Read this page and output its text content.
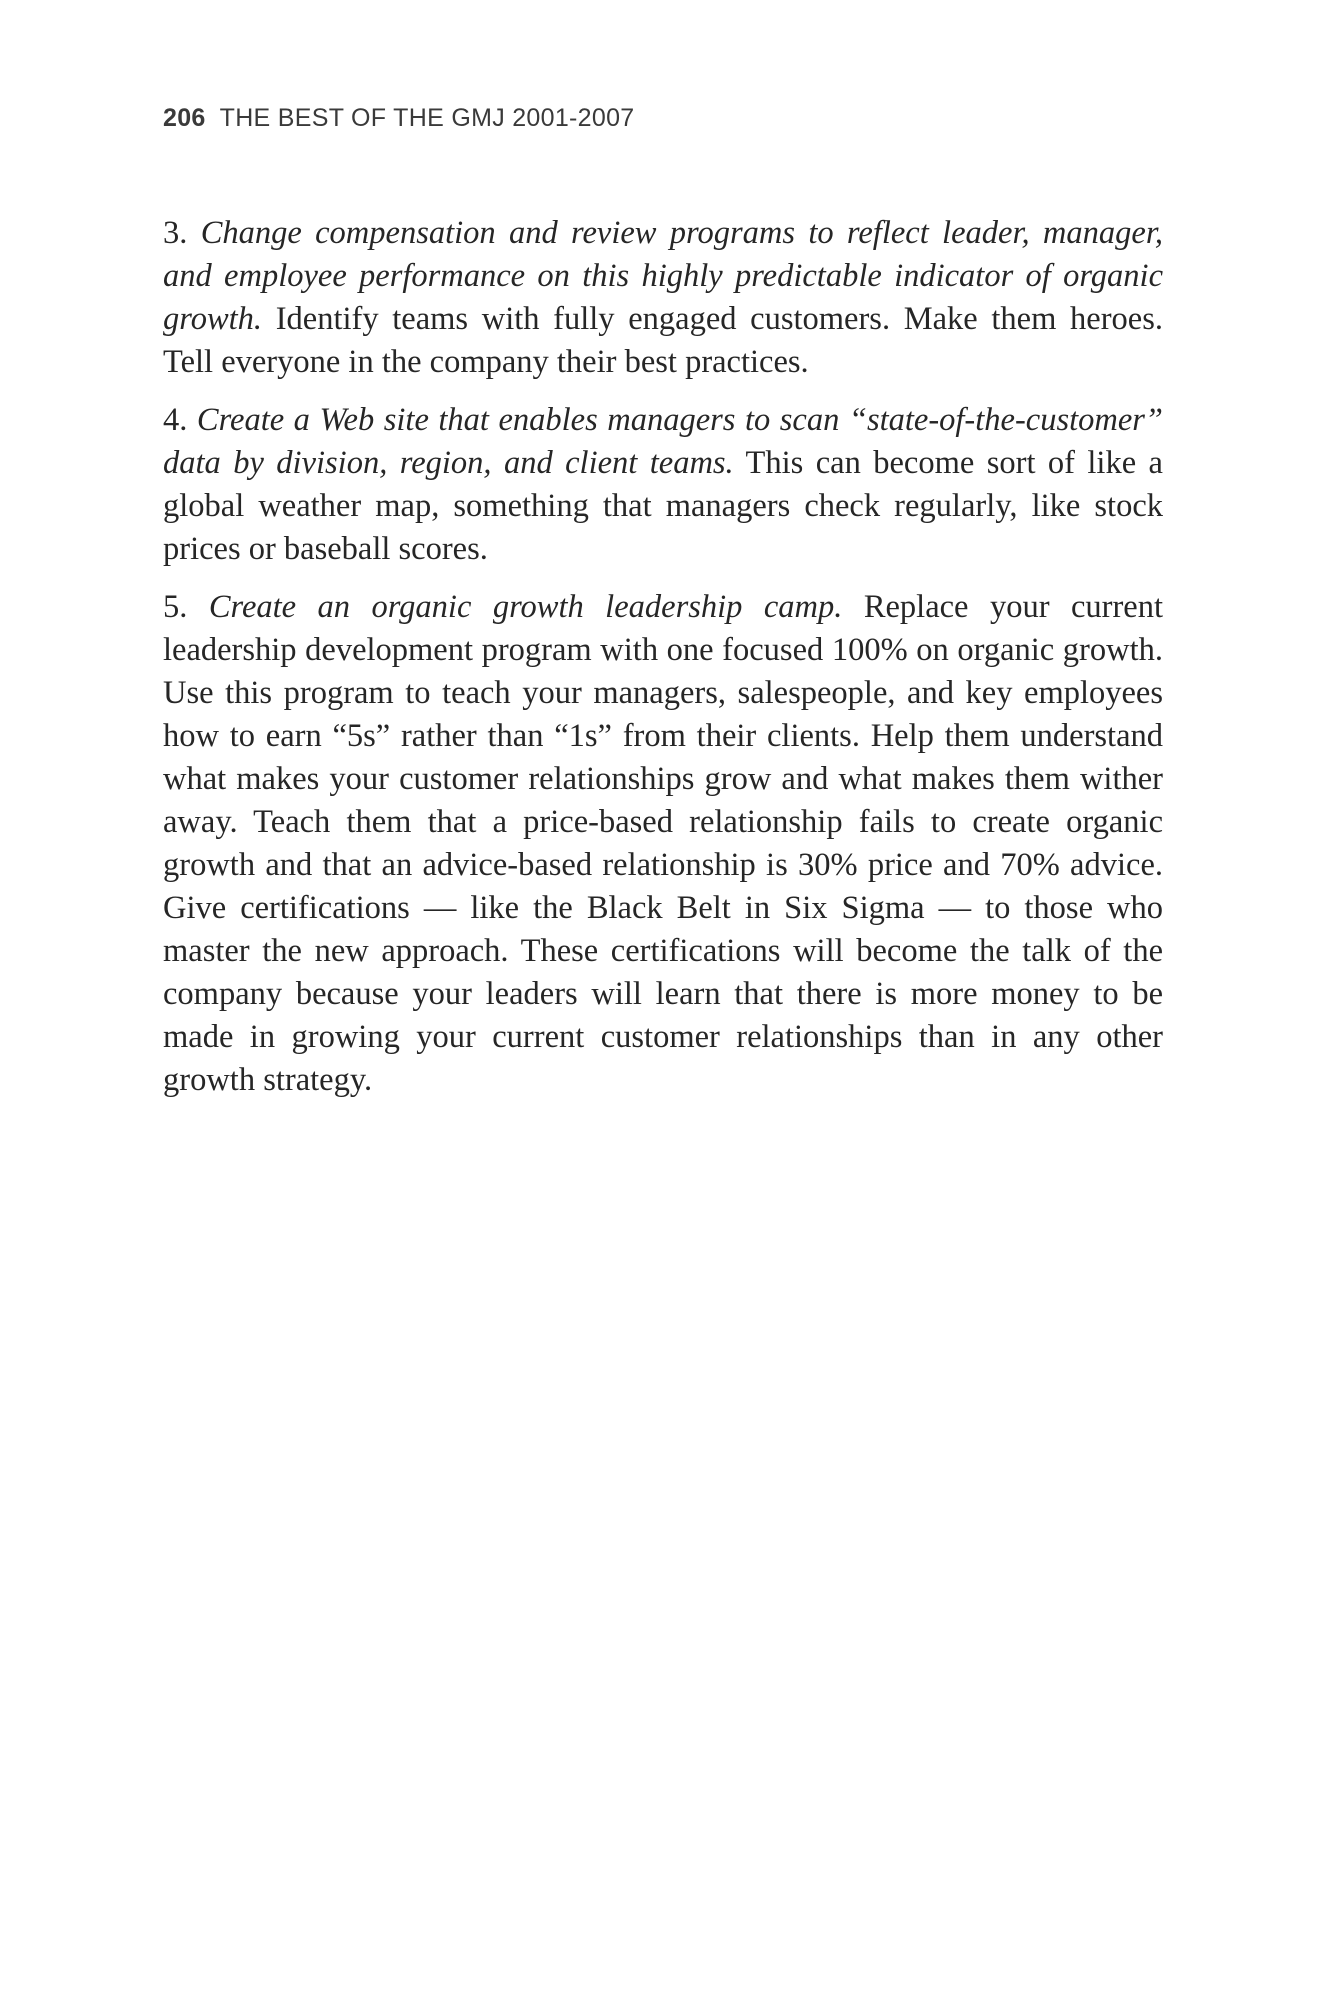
206 THE BEST OF THE GMJ 2001-2007

3. Change compensation and review programs to reflect leader, manager, and employee performance on this highly predictable indicator of organic growth. Identify teams with fully engaged customers. Make them heroes. Tell everyone in the company their best practices.

4. Create a Web site that enables managers to scan “state-of-the-customer” data by division, region, and client teams. This can become sort of like a global weather map, something that managers check regularly, like stock prices or baseball scores.

5. Create an organic growth leadership camp. Replace your current leadership development program with one focused 100% on organic growth. Use this program to teach your managers, salespeople, and key employees how to earn “5s” rather than “1s” from their clients. Help them understand what makes your customer relationships grow and what makes them wither away. Teach them that a price-based relationship fails to create organic growth and that an advice-based relationship is 30% price and 70% advice. Give certifications — like the Black Belt in Six Sigma — to those who master the new approach. These certifications will become the talk of the company because your leaders will learn that there is more money to be made in growing your current customer relationships than in any other growth strategy.
